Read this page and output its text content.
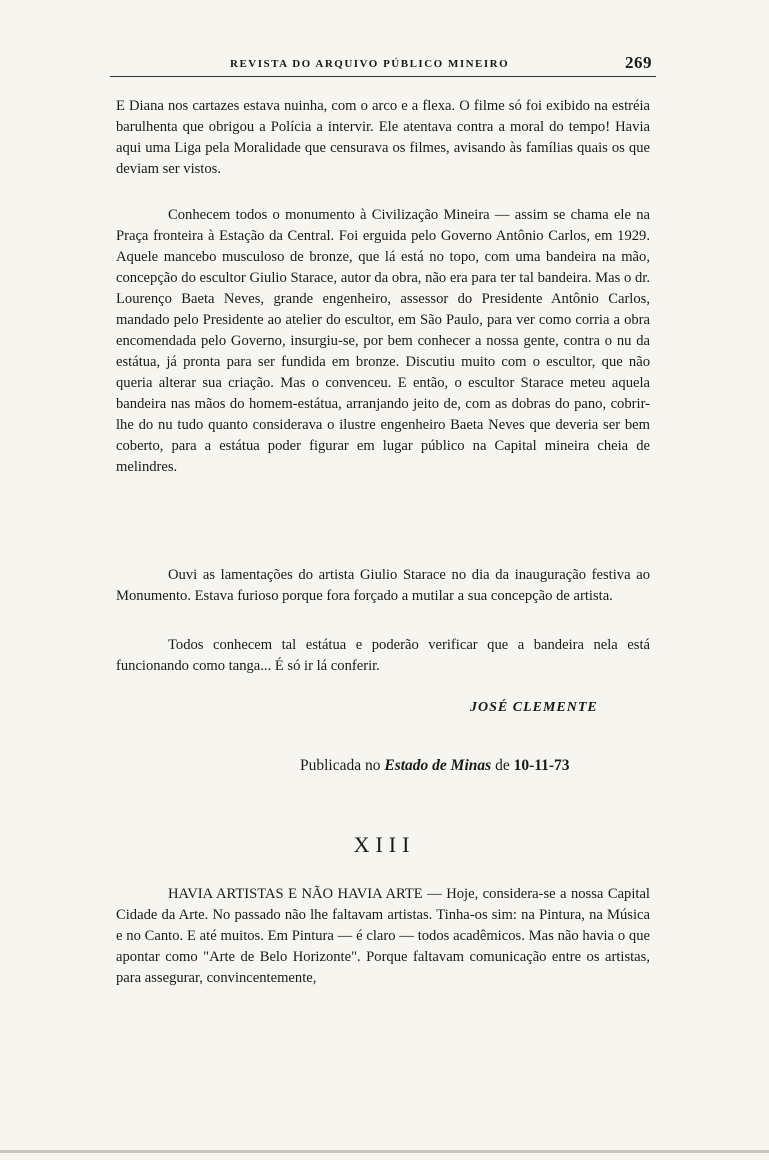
REVISTA DO ARQUIVO PÚBLICO MINEIRO	269

E Diana nos cartazes estava nuinha, com o arco e a flexa. O filme só foi exibido na estréia barulhenta que obrigou a Polícia a intervir. Ele atentava contra a moral do tempo! Havia aqui uma Liga pela Moralidade que censurava os filmes, avisando às famílias quais os que deviam ser vistos.

Conhecem todos o monumento à Civilização Mineira — assim se chama ele na Praça fronteira à Estação da Central. Foi erguida pelo Governo Antônio Carlos, em 1929. Aquele mancebo musculoso de bronze, que lá está no topo, com uma bandeira na mão, concepção do escultor Giulio Starace, autor da obra, não era para ter tal bandeira. Mas o dr. Lourenço Baeta Neves, grande engenheiro, assessor do Presidente Antônio Carlos, mandado pelo Presidente ao atelier do escultor, em São Paulo, para ver como corria a obra encomendada pelo Governo, insurgiu-se, por bem conhecer a nossa gente, contra o nu da estátua, já pronta para ser fundida em bronze. Discutiu muito com o escultor, que não queria alterar sua criação. Mas o convenceu. E então, o escultor Starace meteu aquela bandeira nas mãos do homem-estátua, arranjando jeito de, com as dobras do pano, cobrir-lhe do nu tudo quanto considerava o ilustre engenheiro Baeta Neves que deveria ser bem coberto, para a estátua poder figurar em lugar público na Capital mineira cheia de melindres.

Ouvi as lamentações do artista Giulio Starace no dia da inauguração festiva ao Monumento. Estava furioso porque fora forçado a mutilar a sua concepção de artista.

Todos conhecem tal estátua e poderão verificar que a bandeira nela está funcionando como tanga... É só ir lá conferir.

JOSÉ CLEMENTE
Publicada no Estado de Minas de 10-11-73
XIII

HAVIA ARTISTAS E NÃO HAVIA ARTE — Hoje, considera-se a nossa Capital Cidade da Arte. No passado não lhe faltavam artistas. Tinha-os sim: na Pintura, na Música e no Canto. E até muitos. Em Pintura — é claro — todos acadêmicos. Mas não havia o que apontar como "Arte de Belo Horizonte". Porque faltavam comunicação entre os artistas, para assegurar, convincentemente,
